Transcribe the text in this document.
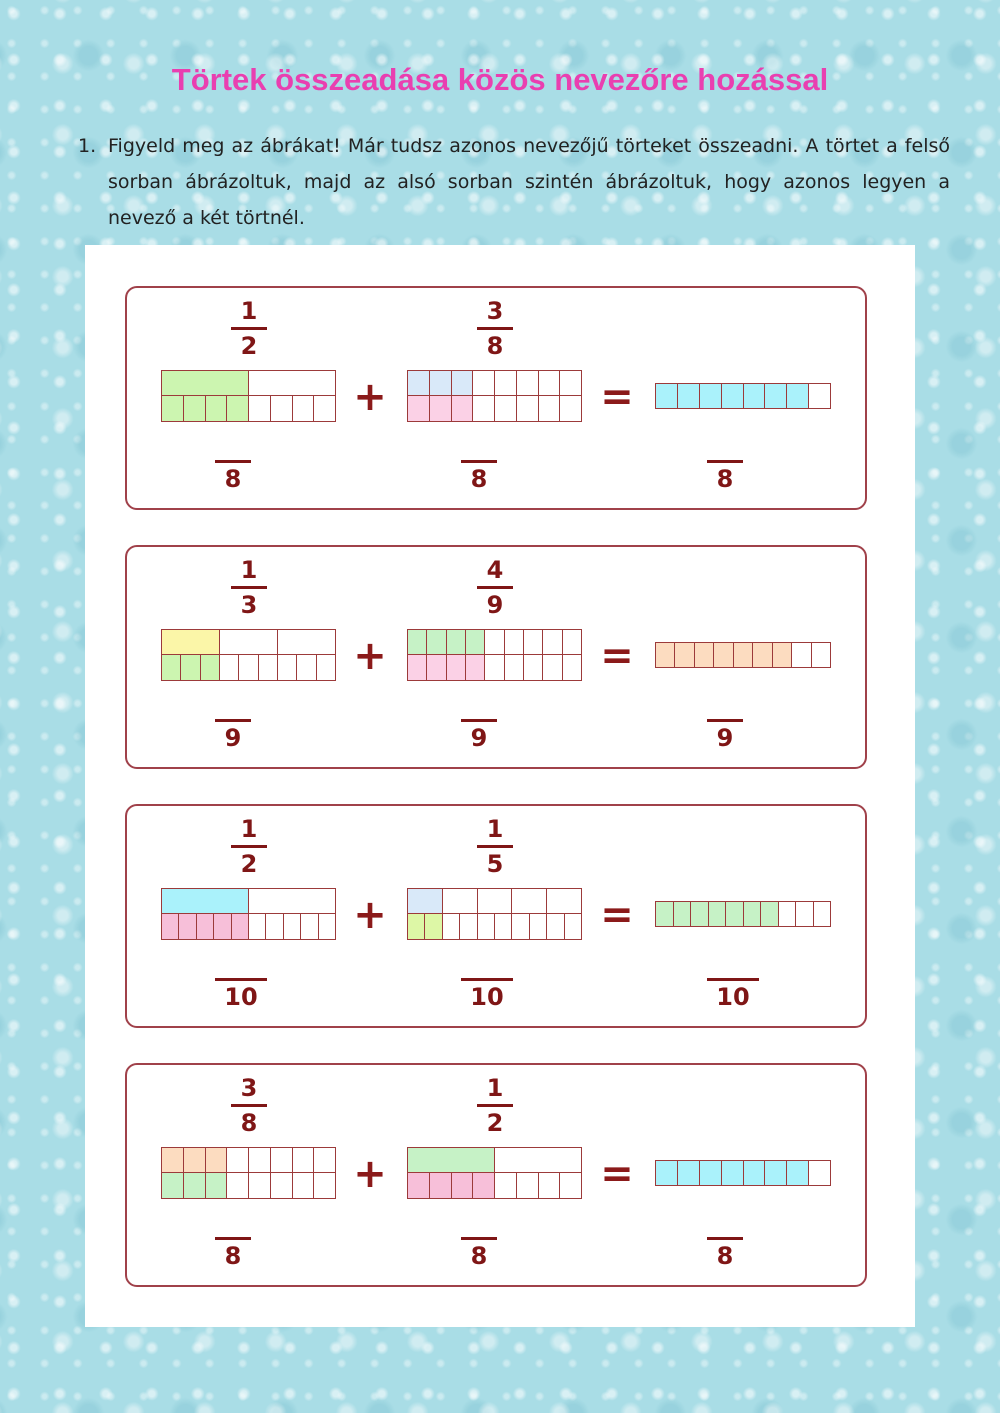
Törtek összeadása közös nevezőre hozással
1. Figyeld meg az ábrákat! Már tudsz azonos nevezőjű törteket összeadni. A törtet a felső sorban ábrázoltuk, majd az alsó sorban szintén ábrázoltuk, hogy azonos legyen a nevező a két törtnél.
1
2
3
8
+	=
8	8	8
1
3
4
9
+	=
9	9	9
1
2
1
5
+	=
10	10	10
3
8
1
2
+	=
8	8	8
